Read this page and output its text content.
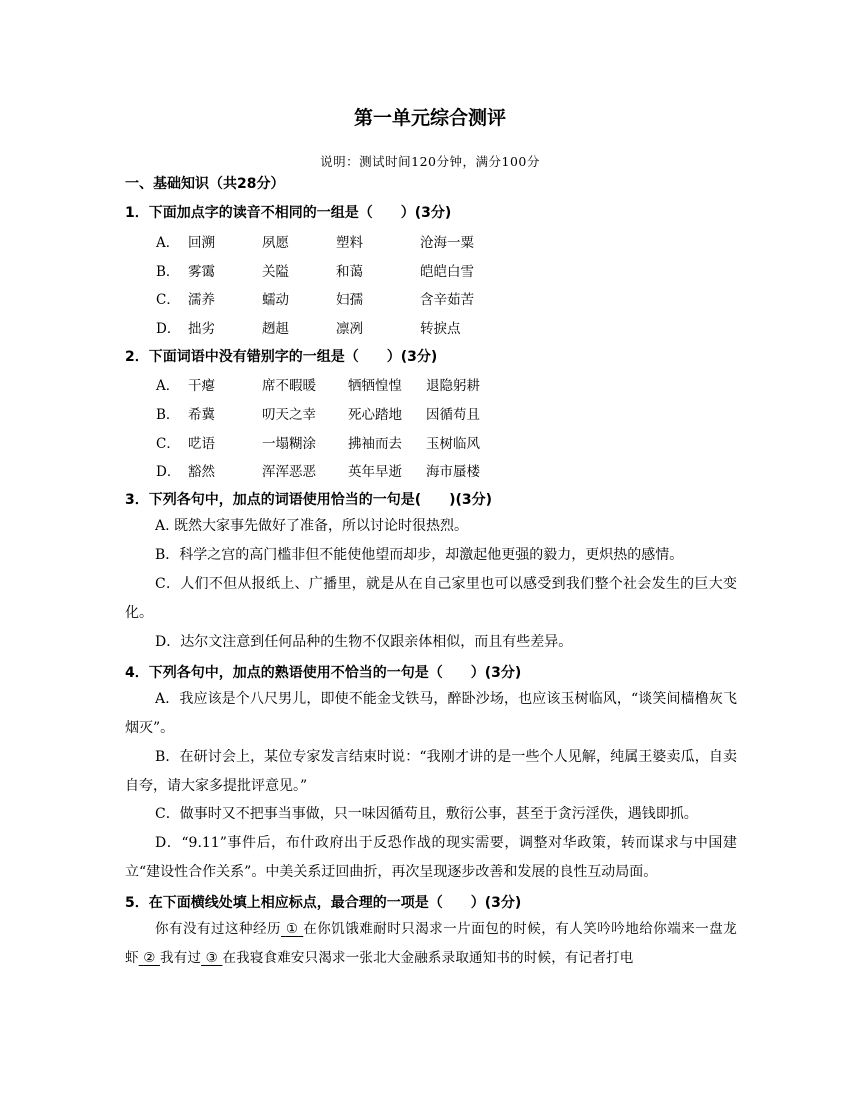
第一单元综合测评
说明：测试时间120分钟，满分100分
一、基础知识（共28分）
1．下面加点字的读音不相同的一组是（　　）(3分)
A． 回溯	夙愿	塑料	沧海一粟
B． 雾霭	关隘	和蔼	皑皑白雪
C． 濡养	蠕动	妇孺	含辛茹苦
D． 拙劣	趔趄	凛冽	转捩点
2．下面词语中没有错别字的一组是（　　）(3分)
A． 干瘪	席不暇暖 牺牺惶惶 退隐躬耕
B． 希冀	叨天之幸 死心踏地 因循苟且
C． 呓语	一塌糊涂 拂袖而去 玉树临风
D． 豁然	浑浑恶恶 英年早逝 海市蜃楼
3．下列各句中，加点的词语使用恰当的一句是(　　)(3分)
A. 既然大家事先做好了准备，所以讨论时很热烈。
B．科学之宫的高门槛非但不能使他望而却步，却激起他更强的毅力，更炽热的感情。
C．人们不但从报纸上、广播里，就是从在自己家里也可以感受到我们整个社会发生的巨大变化。
D．达尔文注意到任何品种的生物不仅跟亲体相似，而且有些差异。
4．下列各句中，加点的熟语使用不恰当的一句是（　　）(3分)
A．我应该是个八尺男儿，即使不能金戈铁马，醉卧沙场，也应该玉树临风，“谈笑间樯橹灰飞烟灭”。
B．在研讨会上，某位专家发言结束时说：“我刚才讲的是一些个人见解，纯属王婆卖瓜，自卖自夸，请大家多提批评意见。”
C．做事时又不把事当事做，只一味因循苟且，敷衍公事，甚至于贪污淫佚，遇钱即抓。
D．“9.11”事件后，布什政府出于反恐作战的现实需要，调整对华政策，转而谋求与中国建立“建设性合作关系”。中美关系迂回曲折，再次呈现逐步改善和发展的良性互动局面。
5．在下面横线处填上相应标点，最合理的一项是（　　）(3分)
你有没有过这种经历 ① 在你饥饿难耐时只渴求一片面包的时候，有人笑吟吟地给你端来一盘龙虾 ② 我有过 ③ 在我寝食难安只渴求一张北大金融系录取通知书的时候，有记者打电
